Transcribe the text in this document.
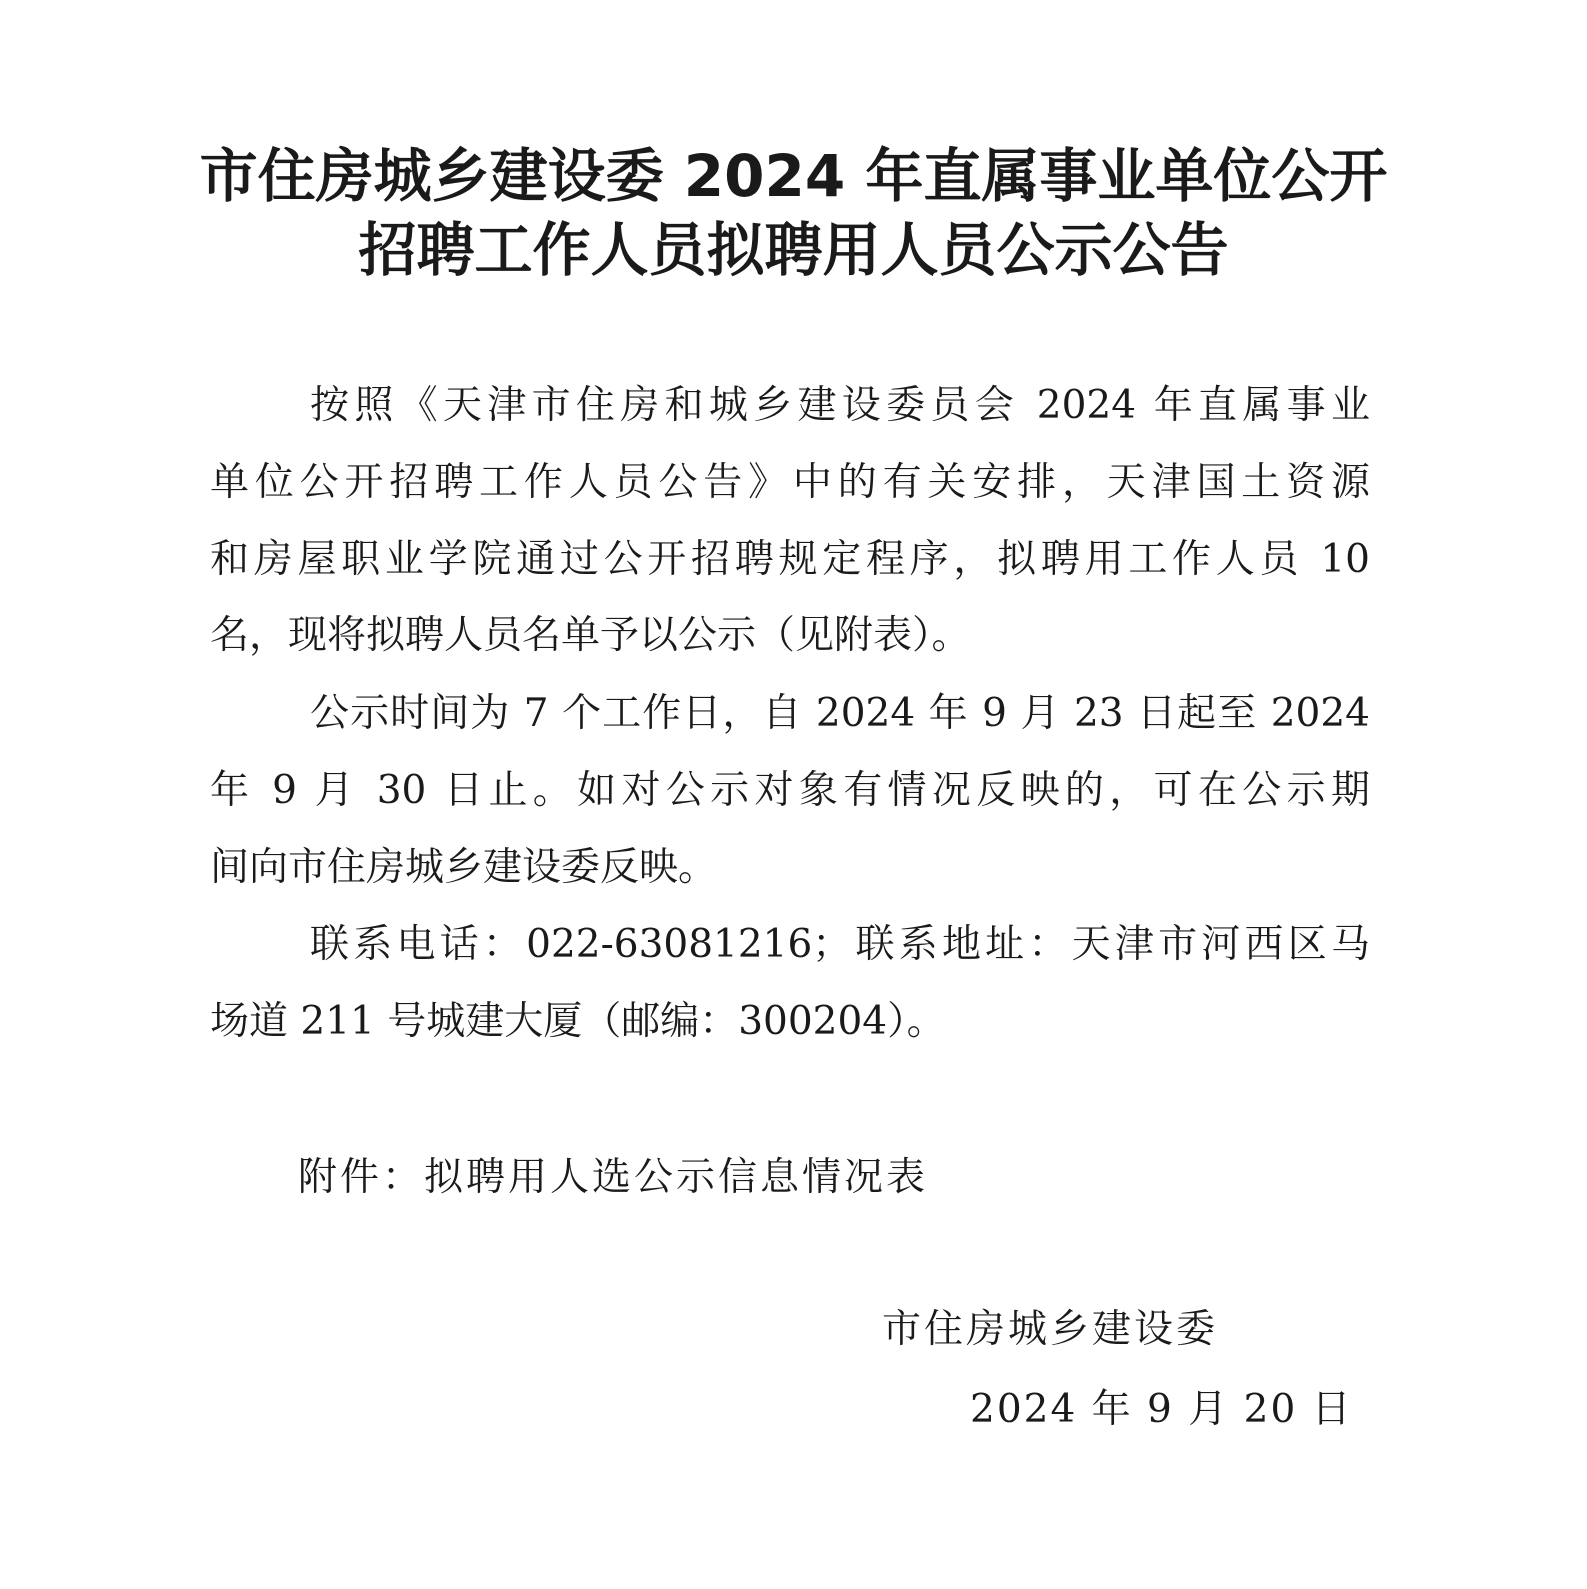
市住房城乡建设委 2024 年直属事业单位公开
招聘工作人员拟聘用人员公示公告
按照《天津市住房和城乡建设委员会 2024 年直属事业
单位公开招聘工作人员公告》中的有关安排，天津国土资源
和房屋职业学院通过公开招聘规定程序，拟聘用工作人员 10
名，现将拟聘人员名单予以公示（见附表）。
公示时间为 7 个工作日，自 2024 年 9 月 23 日起至 2024
年 9 月 30 日止。如对公示对象有情况反映的，可在公示期
间向市住房城乡建设委反映。
联系电话：022-63081216；联系地址：天津市河西区马
场道 211 号城建大厦（邮编：300204）。
附件：拟聘用人选公示信息情况表
市住房城乡建设委
2024 年 9 月 20 日
